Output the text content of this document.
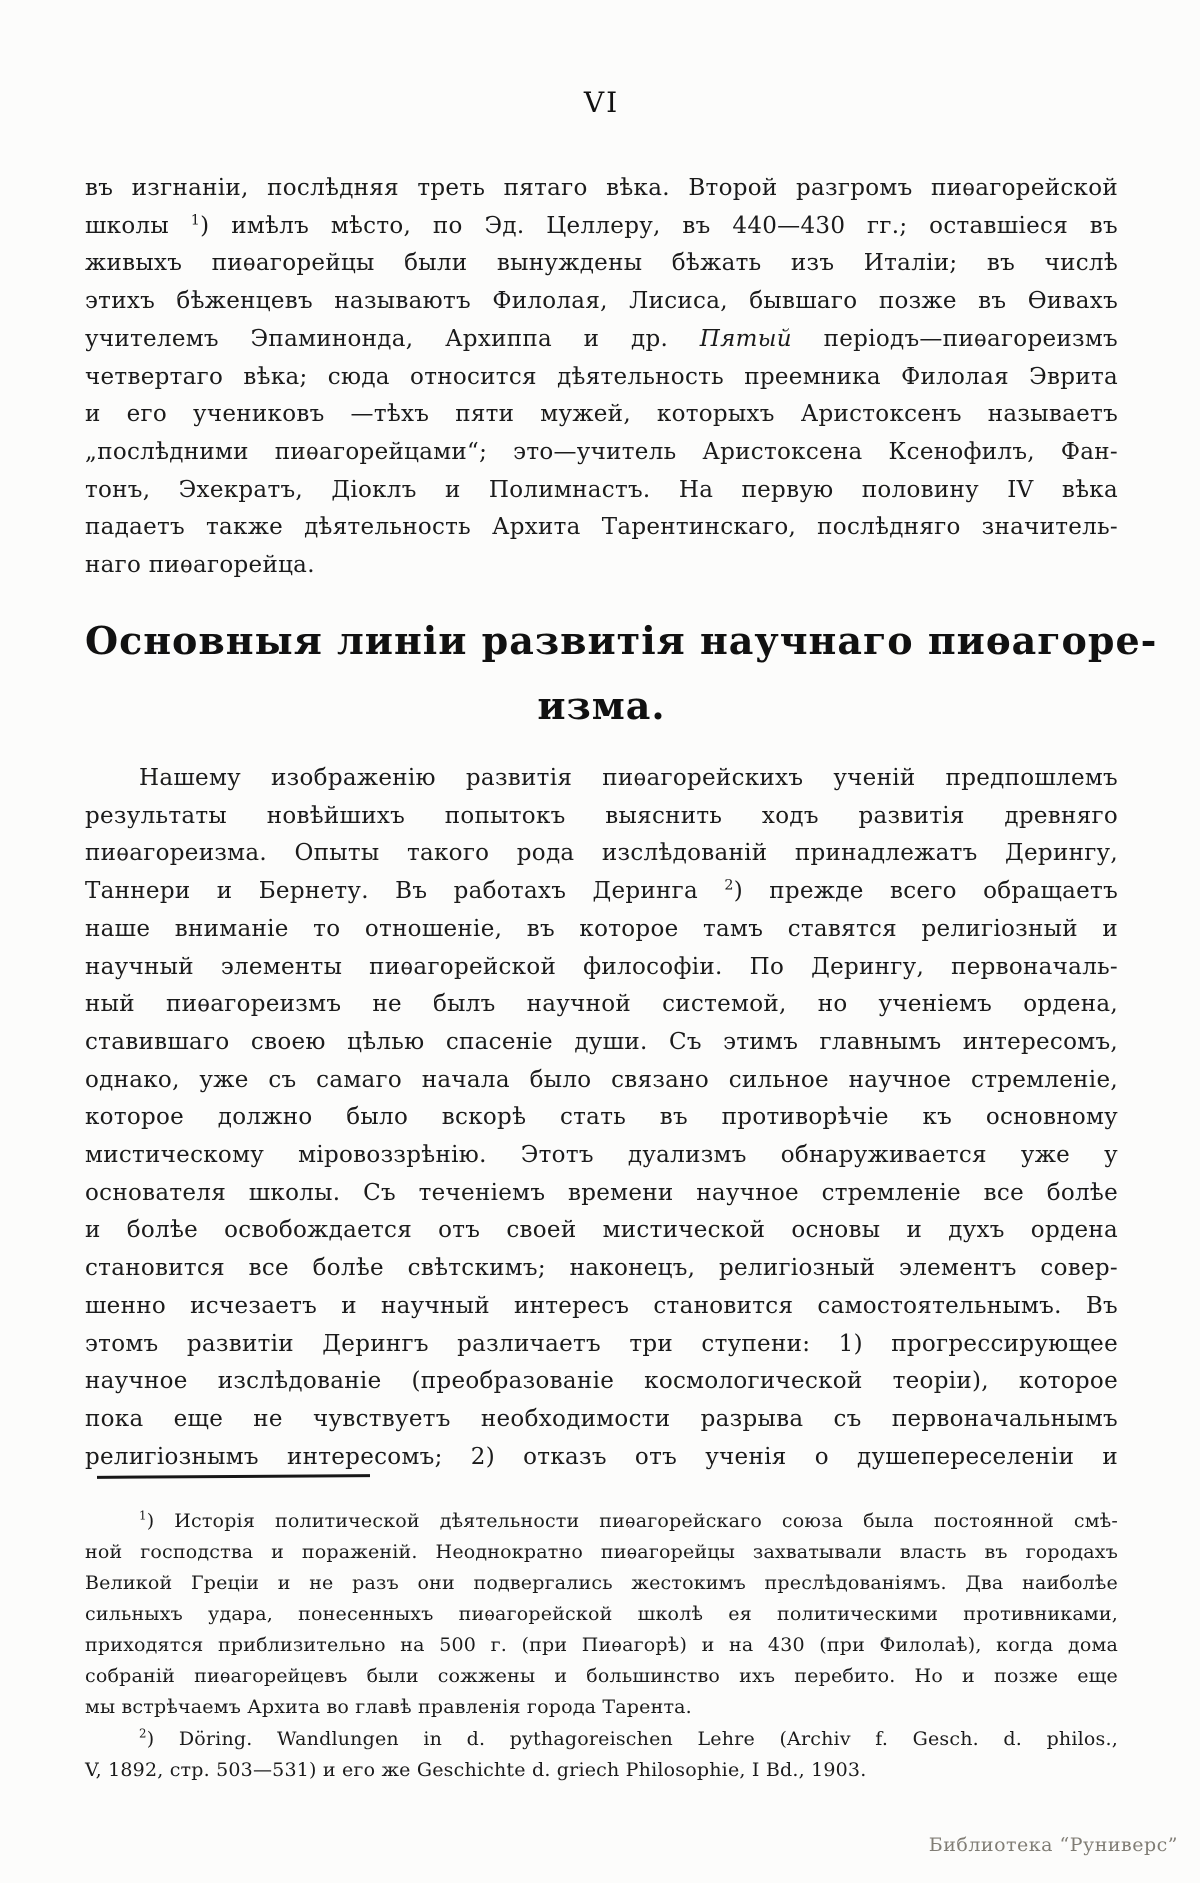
VI
въ изгнаніи, послѣдняя треть пятаго вѣка. Второй разгромъ пиѳагорейской
школы $^1$) имѣлъ мѣсто, по Эд. Целлеру, въ 440—430 гг.; оставшіеся въ
живыхъ пиѳагорейцы были вынуждены бѣжать изъ Италіи; въ числѣ
этихъ бѣженцевъ называютъ Филолая, Лисиса, бывшаго позже въ Ѳивахъ
учителемъ Эпаминонда, Архиппа и др. Пятый періодъ—пиѳагореизмъ
четвертаго вѣка; сюда относится дѣятельность преемника Филолая Эврита
и его учениковъ —тѣхъ пяти мужей, которыхъ Аристоксенъ называетъ
„послѣдними пиѳагорейцами“; это—учитель Аристоксена Ксенофилъ, Фан-
тонъ, Эхекратъ, Діоклъ и Полимнастъ. На первую половину IV вѣка
падаетъ также дѣятельность Архита Тарентинскаго, послѣдняго значитель-
наго пиѳагорейца.
Основныя линіи развитія научнаго пиѳагоре-
изма.
Нашему изображенію развитія пиѳагорейскихъ ученій предпошлемъ
результаты новѣйшихъ попытокъ выяснить ходъ развитія древняго
пиѳагореизма. Опыты такого рода изслѣдованій принадлежатъ Дерингу,
Таннери и Бернету. Въ работахъ Деринга $^2$) прежде всего обращаетъ
наше вниманіе то отношеніе, въ которое тамъ ставятся религіозный и
научный элементы пиѳагорейской философіи. По Дерингу, первоначаль-
ный пиѳагореизмъ не былъ научной системой, но ученіемъ ордена,
ставившаго своею цѣлью спасеніе души. Съ этимъ главнымъ интересомъ,
однако, уже съ самаго начала было связано сильное научное стремленіе,
которое должно было вскорѣ стать въ противорѣчіе къ основному
мистическому міровоззрѣнію. Этотъ дуализмъ обнаруживается уже у
основателя школы. Съ теченіемъ времени научное стремленіе все болѣе
и болѣе освобождается отъ своей мистической основы и духъ ордена
становится все болѣе свѣтскимъ; наконецъ, религіозный элементъ совер-
шенно исчезаетъ и научный интересъ становится самостоятельнымъ. Въ
этомъ развитіи Дерингъ различаетъ три ступени: 1) прогрессирующее
научное изслѣдованіе (преобразованіе космологической теоріи), которое
пока еще не чувствуетъ необходимости разрыва съ первоначальнымъ
религіознымъ интересомъ; 2) отказъ отъ ученія о душепереселеніи и
$^1$) Исторія политической дѣятельности пиѳагорейскаго союза была постоянной смѣ-
ной господства и пораженій. Неоднократно пиѳагорейцы захватывали власть въ городахъ
Великой Греціи и не разъ они подвергались жестокимъ преслѣдованіямъ. Два наиболѣе
сильныхъ удара, понесенныхъ пиѳагорейской школѣ ея политическими противниками,
приходятся приблизительно на 500 г. (при Пиѳагорѣ) и на 430 (при Филолаѣ), когда дома
собраній пиѳагорейцевъ были сожжены и большинство ихъ перебито. Но и позже еще
мы встрѣчаемъ Архита во главѣ правленія города Тарента.
$^2$) Döring. Wandlungen in d. pythagoreischen Lehre (Archiv f. Gesch. d. philos.,
V, 1892, стр. 503—531) и его же Geschichte d. griech Philosophie, I Bd., 1903.
Библиотека “Руниверс”
